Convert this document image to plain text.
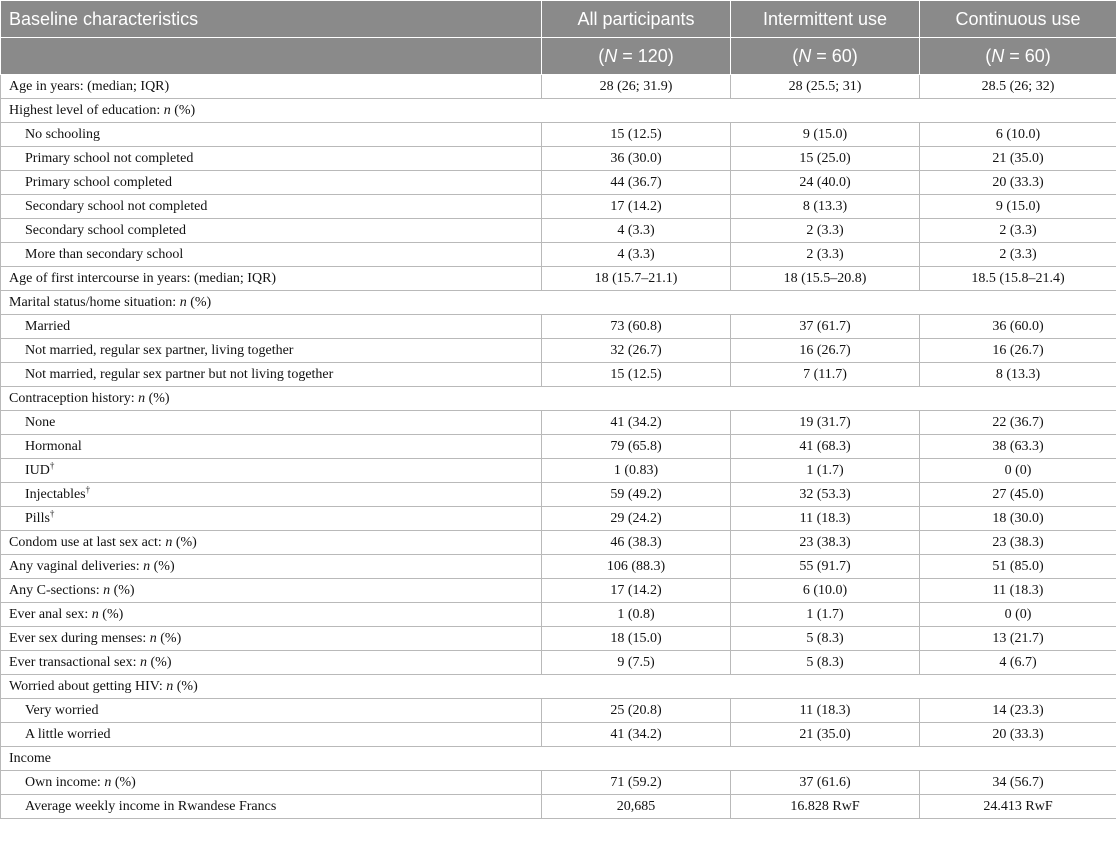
Baseline characteristics	All participants	Intermittent use	Continuous use
	(N = 120)	(N = 60)	(N = 60)
Age in years: (median; IQR)	28 (26; 31.9)	28 (25.5; 31)	28.5 (26; 32)
Highest level of education: n (%)			
No schooling	15 (12.5)	9 (15.0)	6 (10.0)
Primary school not completed	36 (30.0)	15 (25.0)	21 (35.0)
Primary school completed	44 (36.7)	24 (40.0)	20 (33.3)
Secondary school not completed	17 (14.2)	8 (13.3)	9 (15.0)
Secondary school completed	4 (3.3)	2 (3.3)	2 (3.3)
More than secondary school	4 (3.3)	2 (3.3)	2 (3.3)
Age of first intercourse in years: (median; IQR)	18 (15.7–21.1)	18 (15.5–20.8)	18.5 (15.8–21.4)
Marital status/home situation: n (%)			
Married	73 (60.8)	37 (61.7)	36 (60.0)
Not married, regular sex partner, living together	32 (26.7)	16 (26.7)	16 (26.7)
Not married, regular sex partner but not living together	15 (12.5)	7 (11.7)	8 (13.3)
Contraception history: n (%)			
None	41 (34.2)	19 (31.7)	22 (36.7)
Hormonal	79 (65.8)	41 (68.3)	38 (63.3)
IUD†	1 (0.83)	1 (1.7)	0 (0)
Injectables†	59 (49.2)	32 (53.3)	27 (45.0)
Pills†	29 (24.2)	11 (18.3)	18 (30.0)
Condom use at last sex act: n (%)	46 (38.3)	23 (38.3)	23 (38.3)
Any vaginal deliveries: n (%)	106 (88.3)	55 (91.7)	51 (85.0)
Any C-sections: n (%)	17 (14.2)	6 (10.0)	11 (18.3)
Ever anal sex: n (%)	1 (0.8)	1 (1.7)	0 (0)
Ever sex during menses: n (%)	18 (15.0)	5 (8.3)	13 (21.7)
Ever transactional sex: n (%)	9 (7.5)	5 (8.3)	4 (6.7)
Worried about getting HIV: n (%)			
Very worried	25 (20.8)	11 (18.3)	14 (23.3)
A little worried	41 (34.2)	21 (35.0)	20 (33.3)
Income			
Own income: n (%)	71 (59.2)	37 (61.6)	34 (56.7)
Average weekly income in Rwandese Francs	20,685	16.828 RwF	24.413 RwF
